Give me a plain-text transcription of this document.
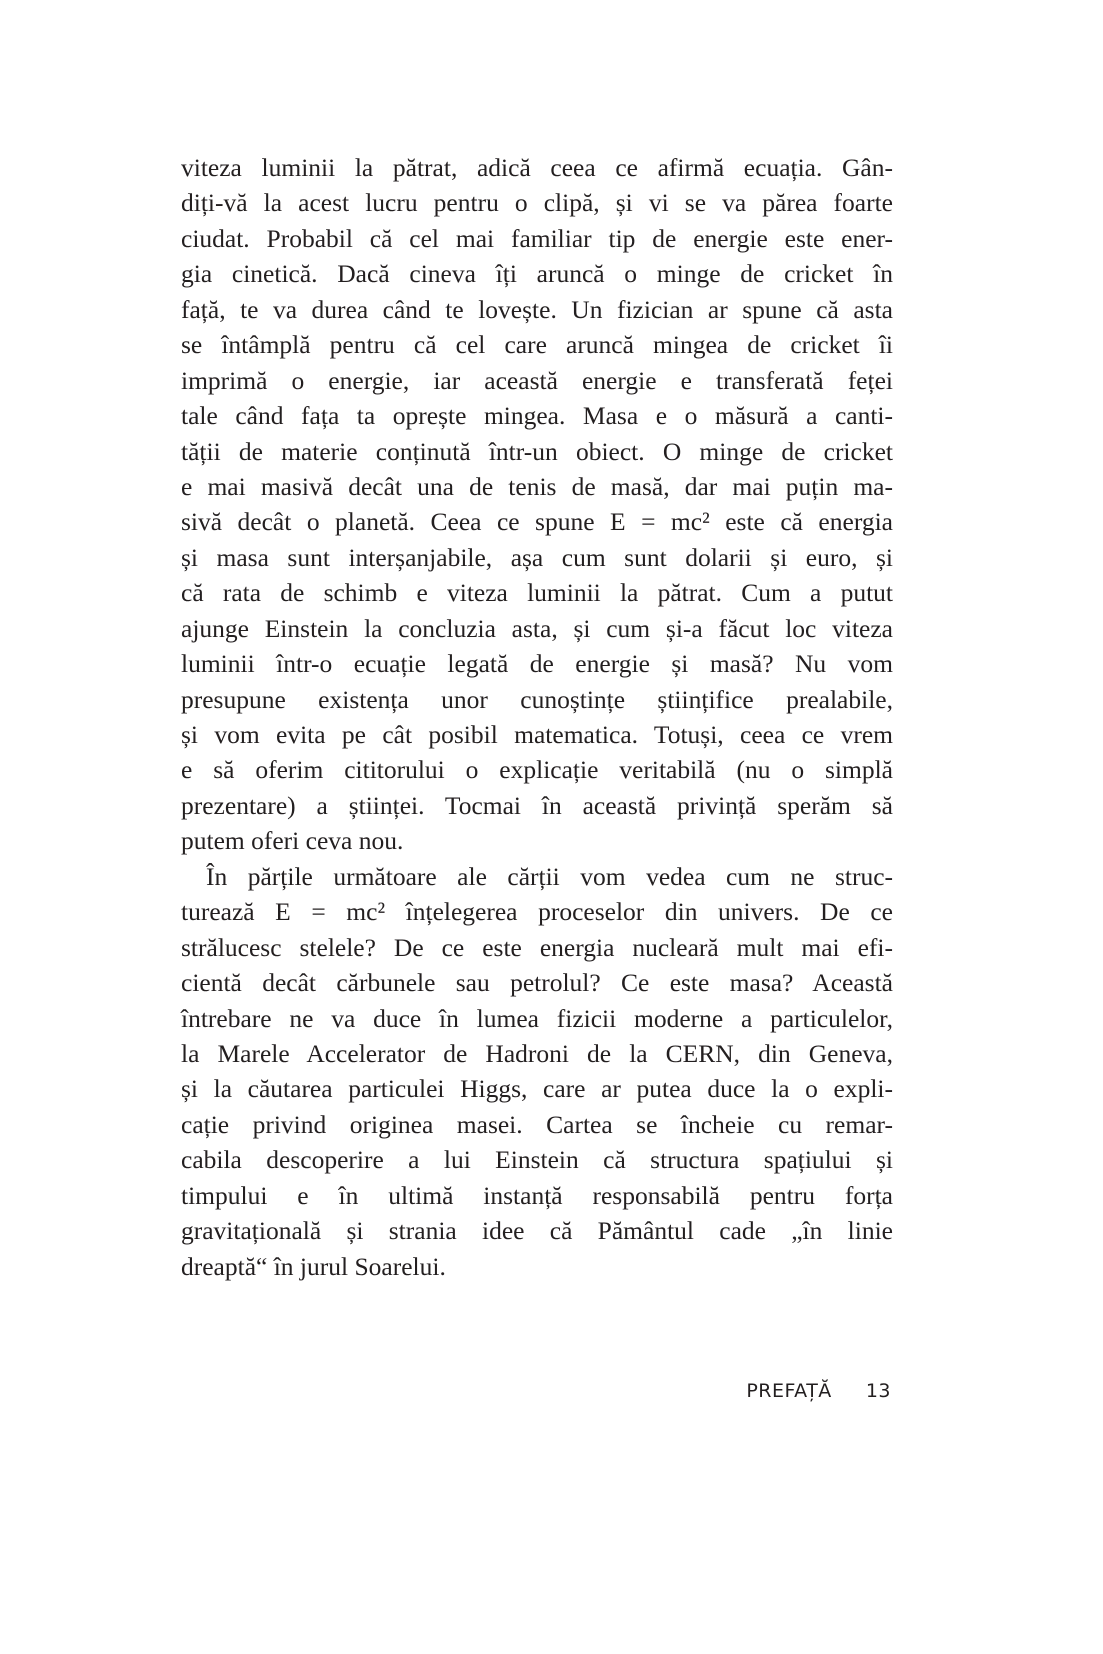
viteza luminii la pătrat, adică ceea ce afirmă ecuația. Gân-
diți-vă la acest lucru pentru o clipă, și vi se va părea foarte
ciudat. Probabil că cel mai familiar tip de energie este ener-
gia cinetică. Dacă cineva îți aruncă o minge de cricket în
față, te va durea când te lovește. Un fizician ar spune că asta
se întâmplă pentru că cel care aruncă mingea de cricket îi
imprimă o energie, iar această energie e transferată feței
tale când fața ta oprește mingea. Masa e o măsură a canti-
tății de materie conținută într-un obiect. O minge de cricket
e mai masivă decât una de tenis de masă, dar mai puțin ma-
sivă decât o planetă. Ceea ce spune E = mc² este că energia
și masa sunt interșanjabile, așa cum sunt dolarii și euro, și
că rata de schimb e viteza luminii la pătrat. Cum a putut
ajunge Einstein la concluzia asta, și cum și-a făcut loc viteza
luminii într-o ecuație legată de energie și masă? Nu vom
presupune existența unor cunoștințe științifice prealabile,
și vom evita pe cât posibil matematica. Totuși, ceea ce vrem
e să oferim cititorului o explicație veritabilă (nu o simplă
prezentare) a științei. Tocmai în această privință sperăm să
putem oferi ceva nou.
În părțile următoare ale cărții vom vedea cum ne struc-
turează E = mc² înțelegerea proceselor din univers. De ce
strălucesc stelele? De ce este energia nucleară mult mai efi-
cientă decât cărbunele sau petrolul? Ce este masa? Această
întrebare ne va duce în lumea fizicii moderne a particulelor,
la Marele Accelerator de Hadroni de la CERN, din Geneva,
și la căutarea particulei Higgs, care ar putea duce la o expli-
cație privind originea masei. Cartea se încheie cu remar-
cabila descoperire a lui Einstein că structura spațiului și
timpului e în ultimă instanță responsabilă pentru forța
gravitațională și strania idee că Pământul cade „în linie
dreaptă“ în jurul Soarelui.
PREFAȚĂ 13
